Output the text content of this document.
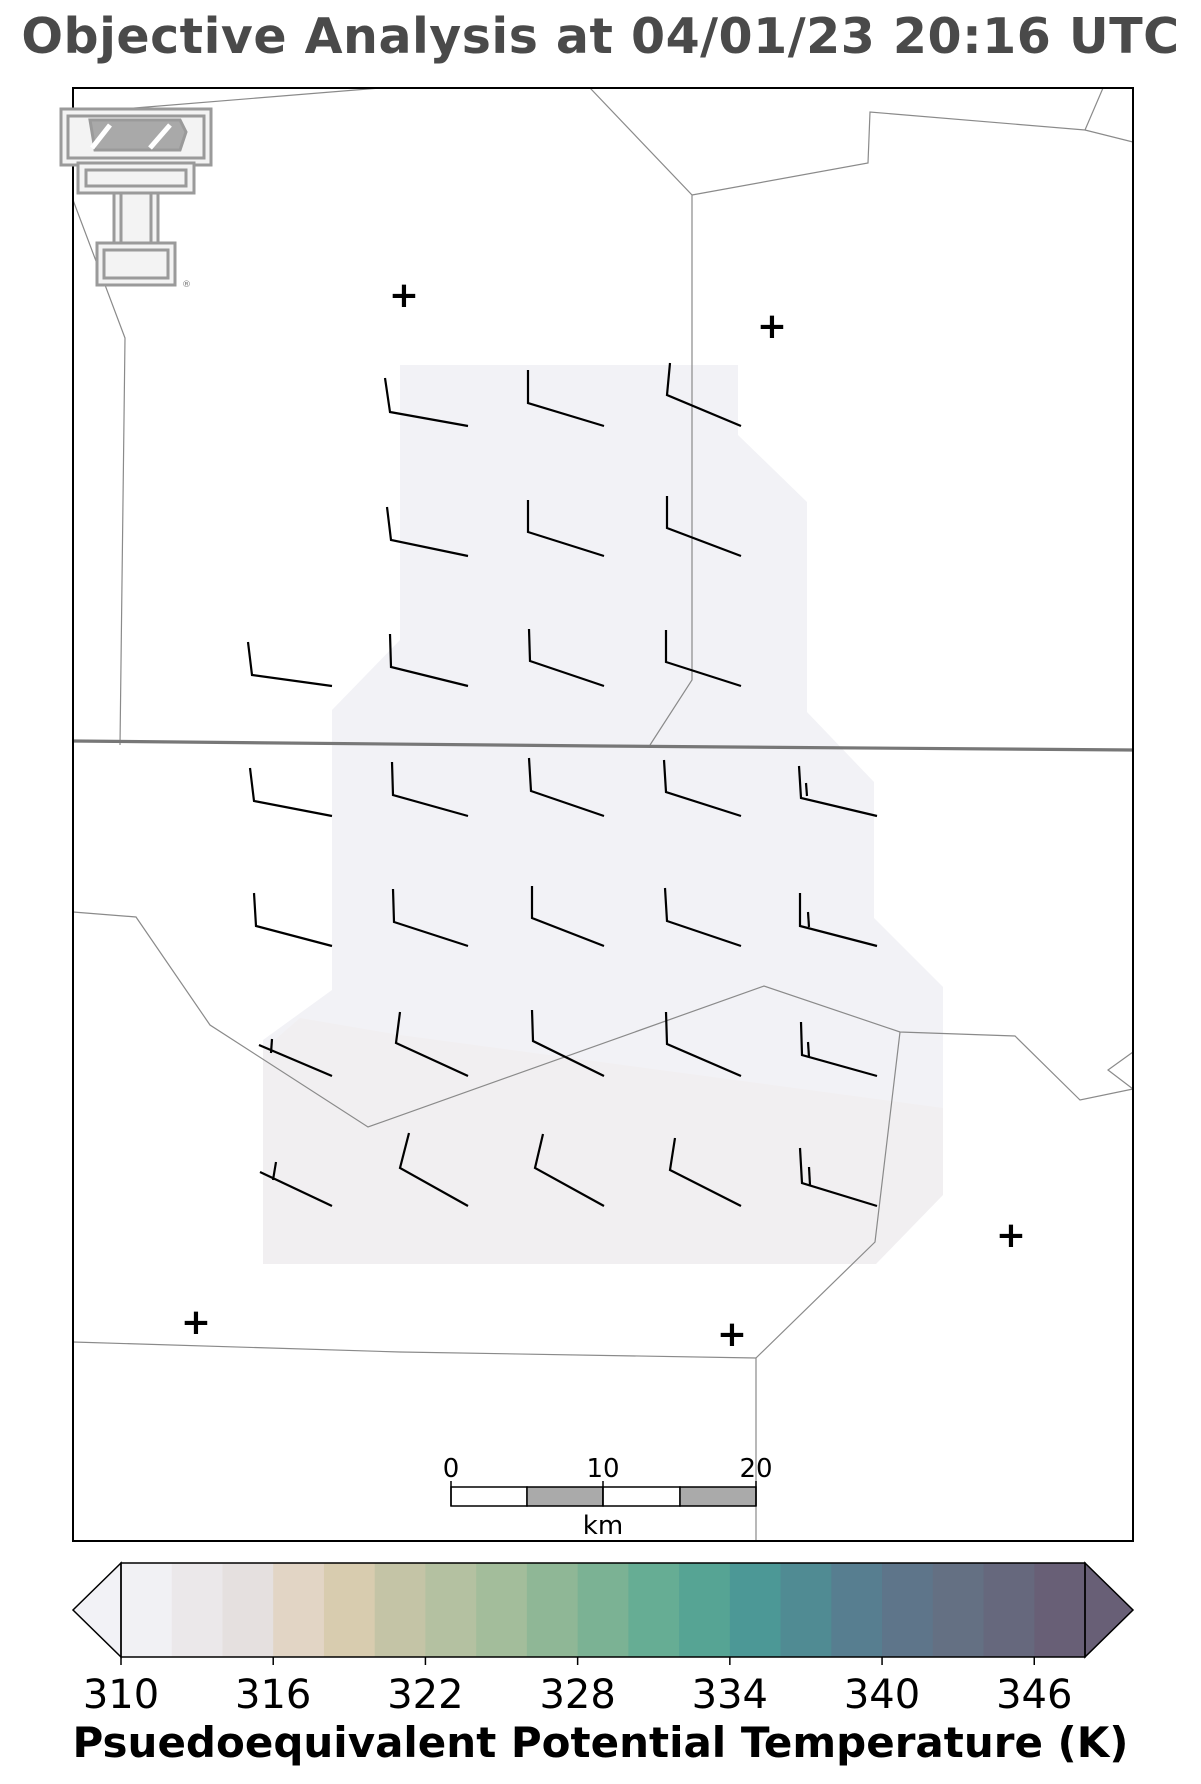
Objective Analysis at 04/01/23 20:16 UTC
+
+
+	+
+
®
0	10	20
km
310 316 322 328 334 340 346
Psuedoequivalent Potential Temperature (K)
